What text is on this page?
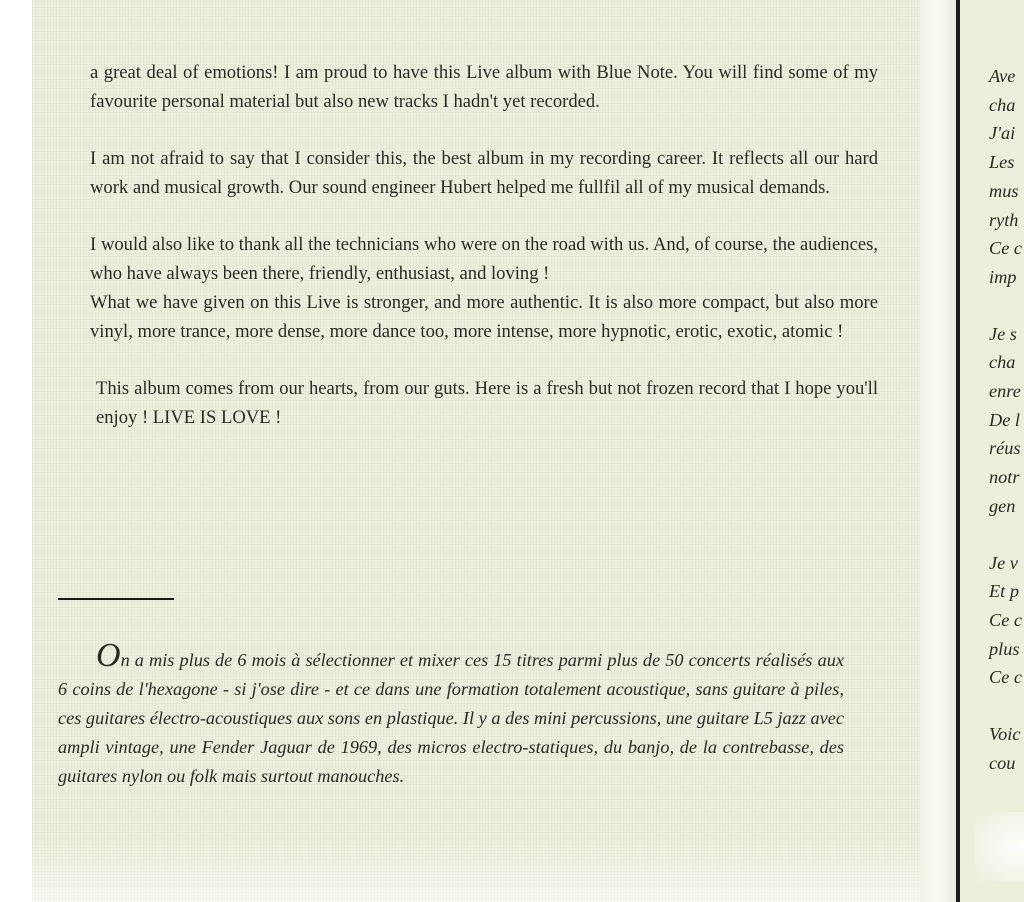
a great deal of emotions! I am proud to have this Live album with Blue Note. You will find some of my favourite personal material but also new tracks I hadn't yet recorded.

I am not afraid to say that I consider this, the best album in my recording career. It reflects all our hard work and musical growth. Our sound engineer Hubert helped me fullfil all of my musical demands.

I would also like to thank all the technicians who were on the road with us. And, of course, the audiences, who have always been there, friendly, enthusiast, and loving !

What we have given on this Live is stronger, and more authentic. It is also more compact, but also more vinyl, more trance, more dense, more dance too, more intense, more hypnotic, erotic, exotic, atomic !

This album comes from our hearts, from our guts. Here is a fresh but not frozen record that I hope you'll enjoy ! LIVE IS LOVE !

On a mis plus de 6 mois à sélectionner et mixer ces 15 titres parmi plus de 50 concerts réalisés aux 6 coins de l'hexagone - si j'ose dire - et ce dans une formation totalement acoustique, sans guitare à piles, ces guitares électro-acoustiques aux sons en plastique. Il y a des mini percussions, une guitare L5 jazz avec ampli vintage, une Fender Jaguar de 1969, des micros electro-statiques, du banjo, de la contrebasse, des guitares nylon ou folk mais surtout manouches.
Ave
cha
J'ai
Les
mus
ryth
Ce c
imp
Je s
cha
enre
De l
réus
notr
gen
Je v
Et p
Ce c
plus
Ce c
Voic
cou
